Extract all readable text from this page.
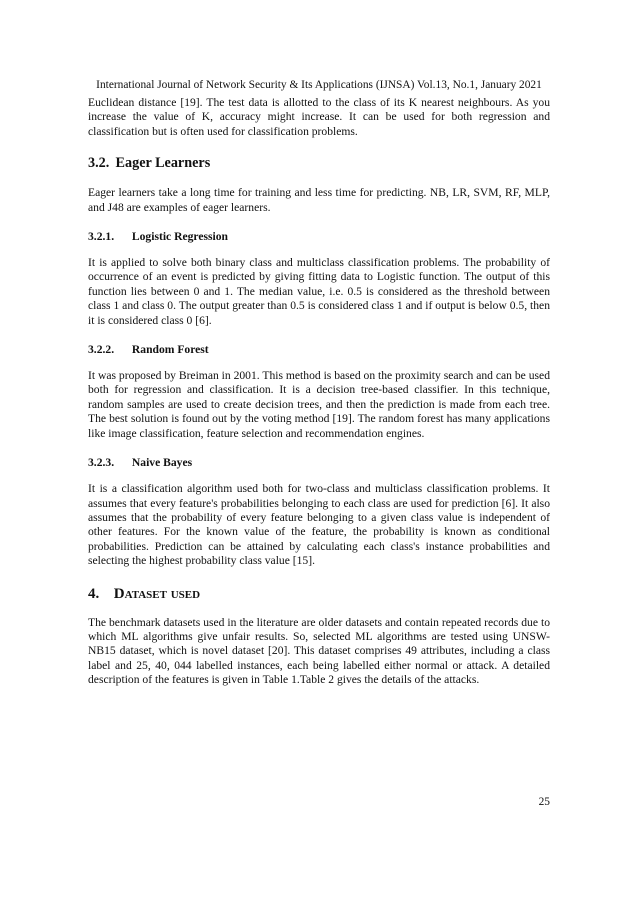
International Journal of Network Security & Its Applications (IJNSA) Vol.13, No.1, January 2021

Euclidean distance [19]. The test data is allotted to the class of its K nearest neighbours. As you increase the value of K, accuracy might increase. It can be used for both regression and classification but is often used for classification problems.

3.2. Eager Learners

Eager learners take a long time for training and less time for predicting. NB, LR, SVM, RF, MLP, and J48 are examples of eager learners.

3.2.1. Logistic Regression

It is applied to solve both binary class and multiclass classification problems. The probability of occurrence of an event is predicted by giving fitting data to Logistic function. The output of this function lies between 0 and 1. The median value, i.e. 0.5 is considered as the threshold between class 1 and class 0. The output greater than 0.5 is considered class 1 and if output is below 0.5, then it is considered class 0 [6].

3.2.2. Random Forest

It was proposed by Breiman in 2001. This method is based on the proximity search and can be used both for regression and classification. It is a decision tree-based classifier. In this technique, random samples are used to create decision trees, and then the prediction is made from each tree. The best solution is found out by the voting method [19]. The random forest has many applications like image classification, feature selection and recommendation engines.

3.2.3. Naive Bayes

It is a classification algorithm used both for two-class and multiclass classification problems. It assumes that every feature's probabilities belonging to each class are used for prediction [6]. It also assumes that the probability of every feature belonging to a given class value is independent of other features. For the known value of the feature, the probability is known as conditional probabilities. Prediction can be attained by calculating each class's instance probabilities and selecting the highest probability class value [15].

4. Dataset used

The benchmark datasets used in the literature are older datasets and contain repeated records due to which ML algorithms give unfair results. So, selected ML algorithms are tested using UNSW-NB15 dataset, which is novel dataset [20]. This dataset comprises 49 attributes, including a class label and 25, 40, 044 labelled instances, each being labelled either normal or attack. A detailed description of the features is given in Table 1.Table 2 gives the details of the attacks.

25
